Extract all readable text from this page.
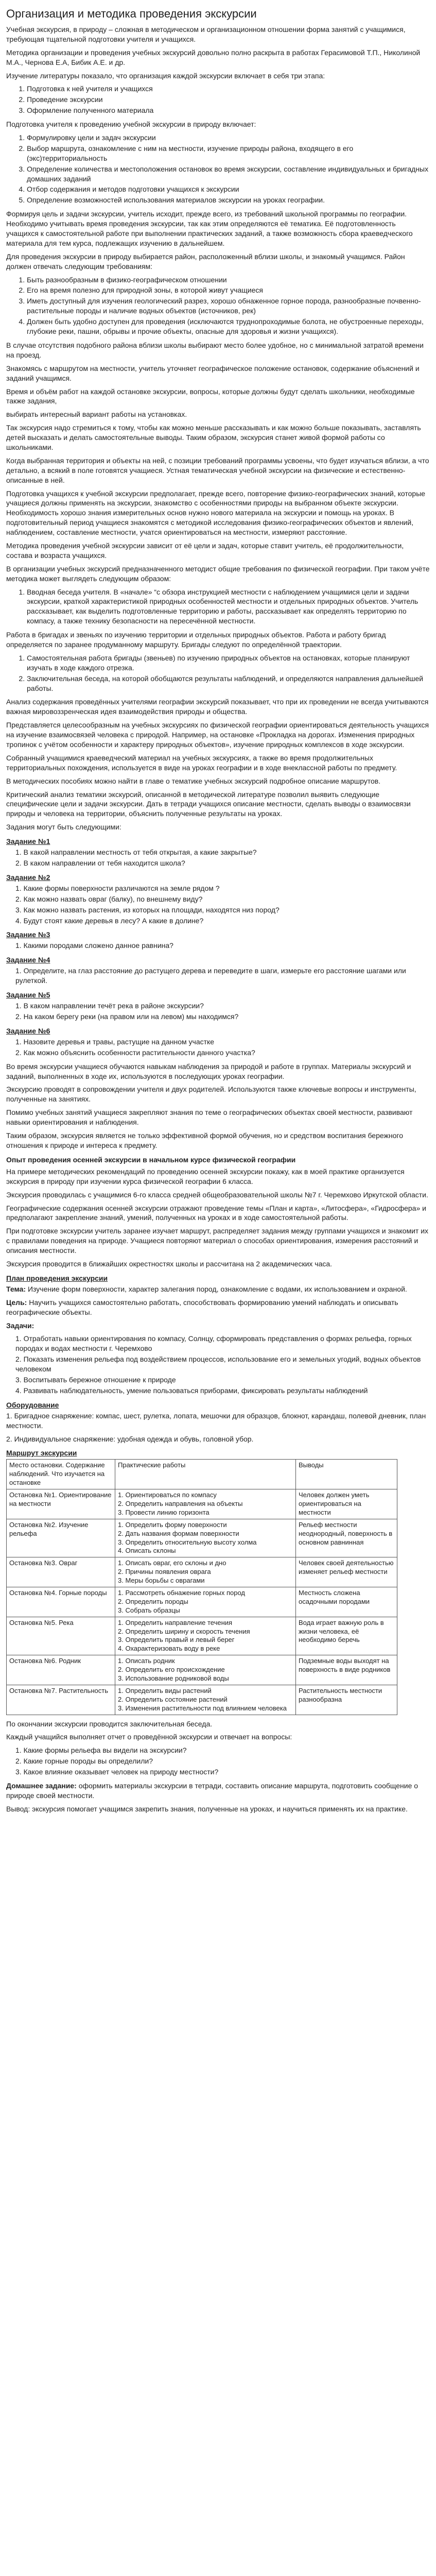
Организация и методика проведения экскурсии

Учебная экскурсия, в природу – сложная в методическом и организационном отношении форма занятий с учащимися, требующая тщательной подготовки учителя и учащихся.

Методика организации и проведения учебных экскурсий довольно полно раскрыта в работах Герасимовой Т.П., Николиной М.А., Чернова Е.А, Бибик А.Е. и др.

Изучение литературы показало, что организация каждой экскурсии включает в себя три этапа:

1. Подготовка к ней учителя и учащихся
2. Проведение экскурсии
3. Оформление полученного материала

Подготовка учителя к проведению учебной экскурсии в природу включает:

1. Формулировку цели и задач экскурсии
2. Выбор маршрута, ознакомление с ним на местности, изучение природы района, входящего в его (экс)территориальность
3. Определение количества и местоположения остановок во время экскурсии, составление индивидуальных и бригадных домашних заданий
4. Отбор содержания и методов подготовки учащихся к экскурсии
5. Определение возможностей использования материалов экскурсии на уроках географии.

Формируя цель и задачи экскурсии, учитель исходит, прежде всего, из требований школьной программы по географии. Необходимо учитывать время проведения экскурсии, так как этим определяются её тематика. Её подготовленность учащихся к самостоятельной работе при выполнении практических заданий, а также возможность сбора краеведческого материала для тем курса, подлежащих изучению в дальнейшем.

Для проведения экскурсии в природу выбирается район, расположенный вблизи школы, и знакомый учащимся. Район должен отвечать следующим требованиям:

1. Быть разнообразным в физико-географическом отношении
2. Его на время полезно для природной зоны, в которой живут учащиеся
3. Иметь доступный для изучения геологический разрез, хорошо обнаженное горное порода, разнообразные почвенно-растительные породы и наличие водных объектов (источников, рек)
4. Должен быть удобно доступен для проведения (исключаются труднопроходимые болота, не обустроенные переходы, глубокие реки, пашни, обрывы и прочие объекты, опасные для здоровья и жизни учащихся).

В случае отсутствия подобного района вблизи школы выбирают место более удобное, но с минимальной затратой времени на проезд.

Знакомясь с маршрутом на местности, учитель уточняет географическое положение остановок, содержание объяснений и заданий учащимся.

Время и объём работ на каждой остановке экскурсии, вопросы, которые должны будут сделать школьники, необходимые также задания,

выбирать интересный вариант работы на установках.

Так экскурсия надо стремиться к тому, чтобы как можно меньше рассказывать и как можно больше показывать, заставлять детей высказать и делать самостоятельные выводы. Таким образом, экскурсия станет живой формой работы со школьниками.

Когда выбранная территория и объекты на ней, с позиции требований программы усвоены, что будет изучаться вблизи, а что детально, а всякий в поле готовятся учащиеся. Устная тематическая учебной экскурсии на физические и естественно-описанные в ней.

Подготовка учащихся к учебной экскурсии предполагает, прежде всего, повторение физико-географических знаний, которые учащиеся должны применять на экскурсии, знакомство с особенностями природы на выбранном объекте экскурсии. Необходимость хорошо знания измерительных основ нужно нового материала на экскурсии и помощь на уроках. В подготовительный период учащиеся знакомятся с методикой исследования физико-географических объектов и явлений, наблюдением, составление местности, учатся ориентироваться на местности, измеряют расстояние.

Методика проведения учебной экскурсии зависит от её цели и задач, которые ставит учитель, её продолжительности, состава и возраста учащихся.

В организации учебных экскурсий предназначенного методист общие требования по физической географии. При таком учёте методика может выглядеть следующим образом:

1. Вводная беседа учителя. В «начале» “с обзора инструкцией местности с наблюдением учащимися цели и задачи экскурсии, краткой характеристикой природных особенностей местности и отдельных природных объектов. Учитель рассказывает, как выделить подготовленные территорию и работы, рассказывает как определять территорию по компасу, а также технику безопасности на пересечённой местности.

Работа в бригадах и звеньях по изучению территории и отдельных природных объектов. Работа и работу бригад определяется по заранее продуманному маршруту. Бригады следуют по определённой траектории.

1. Самостоятельная работа бригады (звеньев) по изучению природных объектов на остановках, которые планируют изучать в ходе каждого отрезка.
2. Заключительная беседа, на которой обобщаются результаты наблюдений, и определяются направления дальнейшей работы.

Анализ содержания проведённых учителями географии экскурсий показывает, что при их проведении не всегда учитываются важная мировоззренческая идея взаимодействия природы и общества.

Представляется целесообразным на учебных экскурсиях по физической географии ориентироваться деятельность учащихся на изучение взаимосвязей человека с природой. Например, на остановке «Прокладка на дорогах. Изменения природных тропинок с учётом особенности и характеру природных объектов», изучение природных комплексов в ходе экскурсии.

Собранный учащимися краеведческий материал на учебных экскурсиях, а также во время продолжительных территориальных похождения, используется в виде на уроках географии и в ходе внеклассной работы по предмету.

В методических пособиях можно найти в главе о тематике учебных экскурсий подробное описание маршрутов.

Критический анализ тематики экскурсий, описанной в методической литературе позволил выявить следующие специфические цели и задачи экскурсии. Дать в тетради учащихся описание местности, сделать выводы о взаимосвязи природы и человека на территории, объяснить полученные результаты на уроках.

Задания могут быть следующими:

Задание №1
1. В какой направлении местность от тебя открытая, а какие закрытые?
2. В каком направлении от тебя находится школа?
Задание №2
1. Какие формы поверхности различаются на земле рядом ?
2. Как можно назвать овраг (балку), по внешнему виду?
3. Как можно назвать растения, из которых на площади, находятся низ пород?
4. Будут стоят какие деревья в лесу? А какие в долине?
Задание №3
1. Какими породами сложено данное равнина?
Задание №4
1. Определите, на глаз расстояние до растущего дерева и переведите в шаги, измерьте его расстояние шагами или рулеткой.
Задание №5
1. В каком направлении течёт река в районе экскурсии?
2. На каком берегу реки (на правом или на левом) мы находимся?
Задание №6
1. Назовите деревья и травы, растущие на данном участке
2. Как можно объяснить особенности растительности данного участка?

Во время экскурсии учащиеся обучаются навыкам наблюдения за природой и работе в группах. Материалы экскурсий и заданий, выполненных в ходе их, используются в последующих уроках географии.

Экскурсию проводят в сопровождении учителя и двух родителей. Используются также ключевые вопросы и инструменты, полученные на занятиях.

Помимо учебных занятий учащиеся закрепляют знания по теме о географических объектах своей местности, развивают навыки ориентирования и наблюдения.

Таким образом, экскурсия является не только эффективной формой обучения, но и средством воспитания бережного отношения к природе и интереса к предмету.

Опыт проведения осенней экскурсии в начальном курсе физической географии

На примере методических рекомендаций по проведению осенней экскурсии покажу, как в моей практике организуется экскурсия в природу при изучении курса физической географии 6 класса.

Экскурсия проводилась с учащимися 6-го класса средней общеобразовательной школы №7 г. Черемхово Иркутской области.

Географические содержания осенней экскурсии отражают проведение темы «План и карта», «Литосфера», «Гидросфера» и предполагают закрепление знаний, умений, полученных на уроках и в ходе самостоятельной работы.

При подготовке экскурсии учитель заранее изучает маршрут, распределяет задания между группами учащихся и знакомит их с правилами поведения на природе. Учащиеся повторяют материал о способах ориентирования, измерения расстояний и описания местности.

Экскурсия проводится в ближайших окрестностях школы и рассчитана на 2 академических часа.

План проведения экскурсии

Тема: Изучение форм поверхности, характер залегания пород, ознакомление с водами, их использованием и охраной.

Цель: Научить учащихся самостоятельно работать, способствовать формированию умений наблюдать и описывать географические объекты.

Задачи:

1. Отработать навыки ориентирования по компасу, Солнцу, сформировать представления о формах рельефа, горных породах и водах местности г. Черемхово
2. Показать изменения рельефа под воздействием процессов, использование его и земельных угодий, водных объектов человеком
3. Воспитывать бережное отношение к природе
4. Развивать наблюдательность, умение пользоваться приборами, фиксировать результаты наблюдений
Оборудование

1. Бригадное снаряжение: компас, шест, рулетка, лопата, мешочки для образцов, блокнот, карандаш, полевой дневник, план местности.

2. Индивидуальное снаряжение: удобная одежда и обувь, головной убор.

Маршрут экскурсии
Место остановки. Содержание наблюдений. Что изучается на остановке	Практические работы	Выводы
Остановка №1. Ориентирование на местности	1. Ориентироваться по компасу
2. Определить направления на объекты
3. Провести линию горизонта	Человек должен уметь ориентироваться на местности
Остановка №2. Изучение рельефа	1. Определить форму поверхности
2. Дать названия формам поверхности
3. Определить относительную высоту холма
4. Описать склоны	Рельеф местности неоднородный, поверхность в основном равнинная
Остановка №3. Овраг	1. Описать овраг, его склоны и дно
2. Причины появления оврага
3. Меры борьбы с оврагами	Человек своей деятельностью изменяет рельеф местности
Остановка №4. Горные породы	1. Рассмотреть обнажение горных пород
2. Определить породы
3. Собрать образцы	Местность сложена осадочными породами
Остановка №5. Река	1. Определить направление течения
2. Определить ширину и скорость течения
3. Определить правый и левый берег
4. Охарактеризовать воду в реке	Вода играет важную роль в жизни человека, её необходимо беречь
Остановка №6. Родник	1. Описать родник
2. Определить его происхождение
3. Использование родниковой воды	Подземные воды выходят на поверхность в виде родников
Остановка №7. Растительность	1. Определить виды растений
2. Определить состояние растений
3. Изменения растительности под влиянием человека	Растительность местности разнообразна

По окончании экскурсии проводится заключительная беседа.

Каждый учащийся выполняет отчет о проведённой экскурсии и отвечает на вопросы:

1. Какие формы рельефа вы видели на экскурсии?
2. Какие горные породы вы определили?
3. Какое влияние оказывает человек на природу местности?

Домашнее задание: оформить материалы экскурсии в тетради, составить описание маршрута, подготовить сообщение о природе своей местности.

Вывод: экскурсия помогает учащимся закрепить знания, полученные на уроках, и научиться применять их на практике.
